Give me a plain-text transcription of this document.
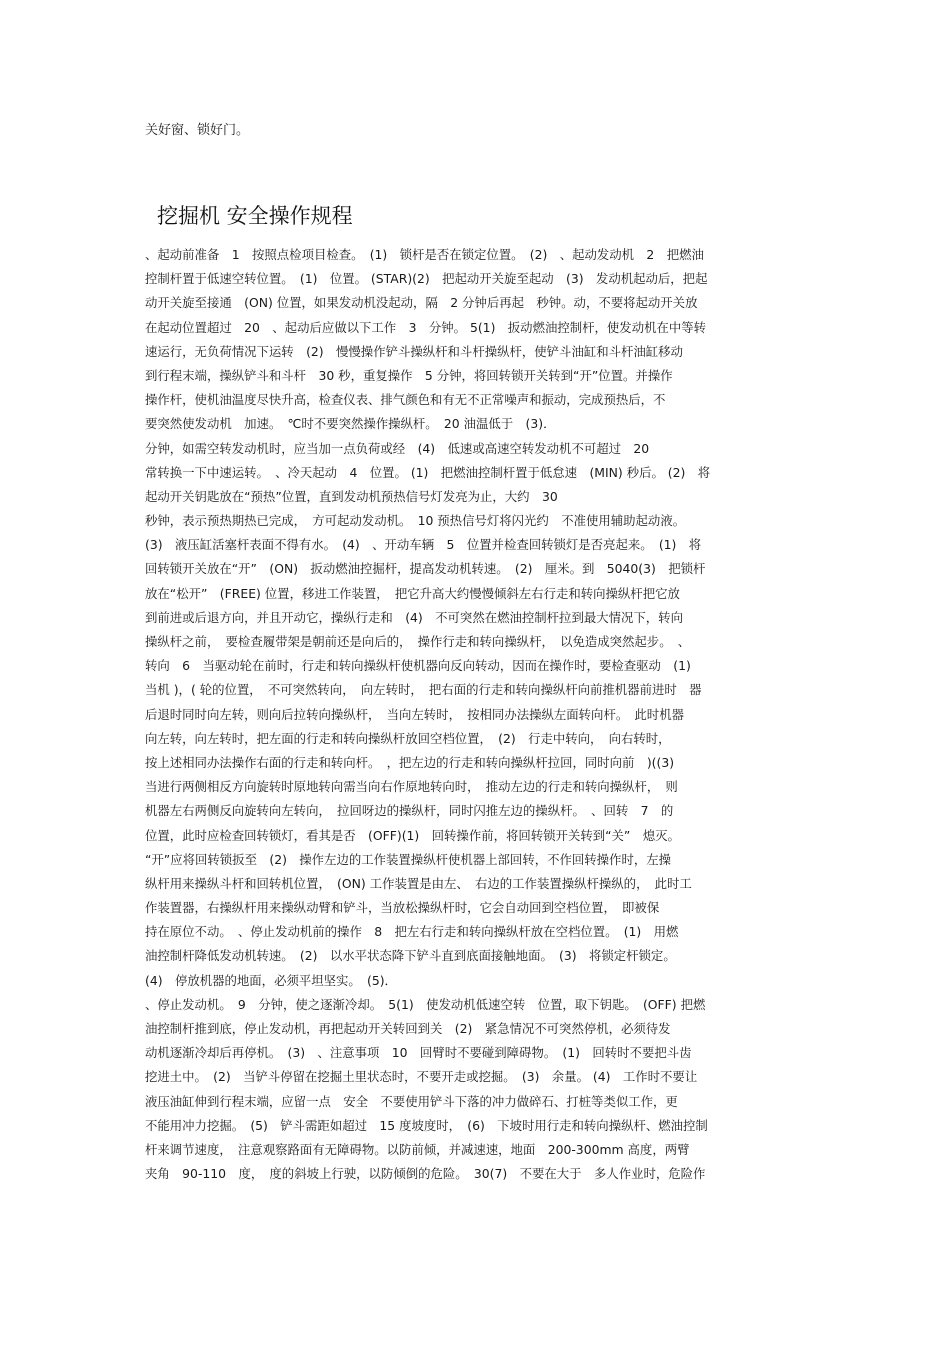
关好窗、锁好门。
挖掘机 安全操作规程
、起动前准备　1　按照点检项目检查。　(1)　锁杆是否在锁定位置。　(2)　、起动发动机　2　把燃油
控制杆置于低速空转位置。　(1)　位置。 (STAR)(2)　把起动开关旋至起动　(3)　发动机起动后，把起
动开关旋至接通　(ON) 位置，如果发动机没起动，隔　2 分钟后再起　秒钟。动，不要将起动开关放
在起动位置超过　20　、起动后应做以下工作　3　分钟。 5(1)　扳动燃油控制杆，使发动机在中等转
速运行，无负荷情况下运转　(2)　慢慢操作铲斗操纵杆和斗杆操纵杆，使铲斗油缸和斗杆油缸移动
到行程末端，操纵铲斗和斗杆　30 秒，重复操作　5 分钟，将回转锁开关转到“开”位置。并操作
操作杆，使机油温度尽快升高，检查仪表、排气颜色和有无不正常噪声和振动，完成预热后，不
要突然使发动机　加速。　℃时不要突然操作操纵杆。　20 油温低于　(3)．
分钟，如需空转发动机时，应当加一点负荷或经　(4)　低速或高速空转发动机不可超过　20
常转换一下中速运转。　、冷天起动　4　位置。 (1)　把燃油控制杆置于低怠速　(MIN) 秒后。 (2)　将
起动开关钥匙放在“预热”位置，直到发动机预热信号灯发亮为止，大约　30
秒钟，表示预热期热已完成，　方可起动发动机。　10 预热信号灯将闪光约　不准使用辅助起动液。
(3)　液压缸活塞杆表面不得有水。　(4)　、开动车辆　5　位置并检查回转锁灯是否亮起来。　(1)　将
回转锁开关放在“开”　(ON)　扳动燃油控掘杆，提高发动机转速。　(2)　厘米。到　5040(3)　把锁杆
放在“松开”　(FREE) 位置，移进工作装置，　把它升高大约慢慢倾斜左右行走和转向操纵杆把它放
到前进或后退方向，并且开动它，操纵行走和　(4)　不可突然在燃油控制杆拉到最大情况下，转向
操纵杆之前，　要检查履带架是朝前还是向后的，　操作行走和转向操纵杆，　以免造成突然起步。　、
转向　6　当驱动轮在前时，行走和转向操纵杆使机器向反向转动，因而在操作时，要检查驱动　(1)
当机 )，( 轮的位置，　不可突然转向，　向左转时，　把右面的行走和转向操纵杆向前推机器前进时　器
后退时同时向左转，则向后拉转向操纵杆，　当向左转时，　按相同办法操纵左面转向杆。　此时机器
向左转，向左转时，把左面的行走和转向操纵杆放回空档位置，　(2)　行走中转向，　向右转时，
按上述相同办法操作右面的行走和转向杆。　，把左边的行走和转向操纵杆拉回，同时向前　)((3)
当进行两侧相反方向旋转时原地转向需当向右作原地转向时，　推动左边的行走和转向操纵杆，　则
机器左右两侧反向旋转向左转向，　拉回呀边的操纵杆，同时闪推左边的操纵杆。　、回转　7　的
位置，此时应检查回转锁灯，看其是否　(OFF)(1)　回转操作前，将回转锁开关转到“关”　熄灭。
“开”应将回转锁扳至　(2)　操作左边的工作装置操纵杆使机器上部回转，不作回转操作时，左操
纵杆用来操纵斗杆和回转机位置，　(ON) 工作装置是由左、　右边的工作装置操纵杆操纵的，　此时工
作装置器，右操纵杆用来操纵动臂和铲斗，当放松操纵杆时，它会自动回到空档位置，　即被保
持在原位不动。　、停止发动机前的操作　8　把左右行走和转向操纵杆放在空档位置。　(1)　用燃
油控制杆降低发动机转速。　(2)　以水平状态降下铲斗直到底面接触地面。　(3)　将锁定杆锁定。
(4)　停放机器的地面，必须平坦坚实。　(5)．
、停止发动机。　9　分钟，使之逐渐冷却。　5(1)　使发动机低速空转　位置，取下钥匙。　(OFF) 把燃
油控制杆推到底，停止发动机，再把起动开关转回到关　(2)　紧急情况不可突然停机，必须待发
动机逐渐冷却后再停机。　(3)　、注意事项　10　回臂时不要碰到障碍物。　(1)　回转时不要把斗齿
挖进土中。　(2)　当铲斗停留在挖掘土里状态时，不要开走或挖掘。　(3)　余量。 (4)　工作时不要让
液压油缸伸到行程末端，应留一点　安全　不要使用铲斗下落的冲力做碎石、打桩等类似工作，更
不能用冲力挖掘。　(5)　铲斗需距如超过　15 度坡度时，　(6)　下坡时用行走和转向操纵杆、燃油控制
杆来调节速度，　注意观察路面有无障碍物。以防前倾，并减速速，地面　200-300mm 高度，两臂
夹角　90-110　度，　度的斜坡上行驶，以防倾倒的危险。　30(7)　不要在大于　多人作业时，危险作
